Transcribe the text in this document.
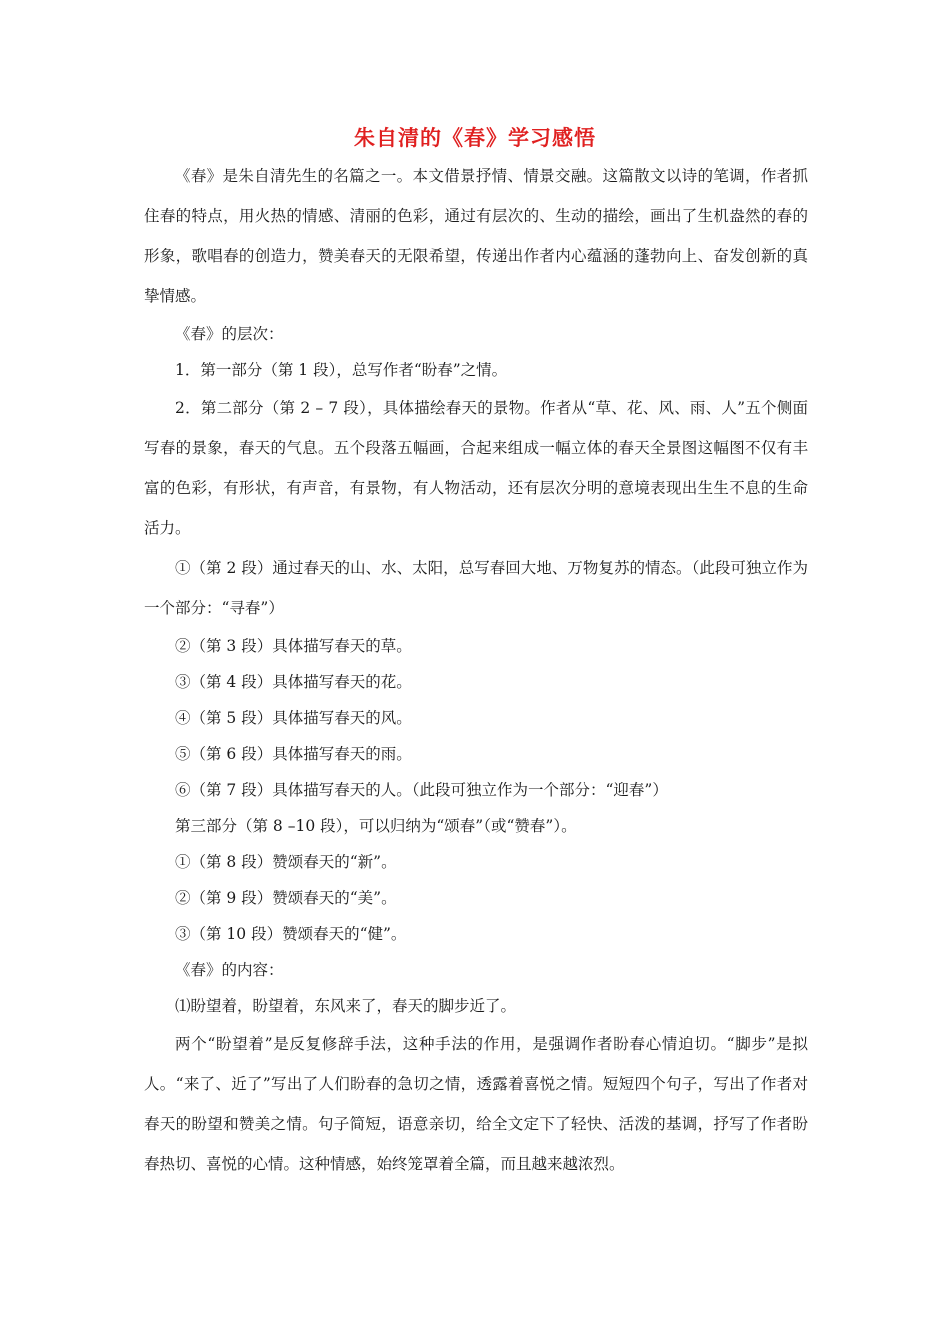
朱自清的《春》学习感悟

《春》是朱自清先生的名篇之一。本文借景抒情、情景交融。这篇散文以诗的笔调，作者抓住春的特点，用火热的情感、清丽的色彩，通过有层次的、生动的描绘，画出了生机盎然的春的形象，歌唱春的创造力，赞美春天的无限希望，传递出作者内心蕴涵的蓬勃向上、奋发创新的真挚情感。

《春》的层次：

1．第一部分（第 1 段），总写作者“盼春”之情。

2．第二部分（第 2 – 7 段），具体描绘春天的景物。作者从“草、花、风、雨、人”五个侧面写春的景象，春天的气息。五个段落五幅画，合起来组成一幅立体的春天全景图这幅图不仅有丰富的色彩，有形状，有声音，有景物，有人物活动，还有层次分明的意境表现出生生不息的生命活力。

①（第 2 段）通过春天的山、水、太阳，总写春回大地、万物复苏的情态。（此段可独立作为一个部分：“寻春”）

②（第 3 段）具体描写春天的草。

③（第 4 段）具体描写春天的花。

④（第 5 段）具体描写春天的风。

⑤（第 6 段）具体描写春天的雨。

⑥（第 7 段）具体描写春天的人。（此段可独立作为一个部分：“迎春”）

第三部分（第 8 –10 段），可以归纳为“颂春”（或“赞春”）。

①（第 8 段）赞颂春天的“新”。

②（第 9 段）赞颂春天的“美”。

③（第 10 段）赞颂春天的“健”。

《春》的内容：

⑴盼望着，盼望着，东风来了，春天的脚步近了。

两个“盼望着”是反复修辞手法，这种手法的作用，是强调作者盼春心情迫切。“脚步”是拟人。“来了、近了”写出了人们盼春的急切之情，透露着喜悦之情。短短四个句子，写出了作者对春天的盼望和赞美之情。句子简短，语意亲切，给全文定下了轻快、活泼的基调，抒写了作者盼春热切、喜悦的心情。这种情感，始终笼罩着全篇，而且越来越浓烈。
